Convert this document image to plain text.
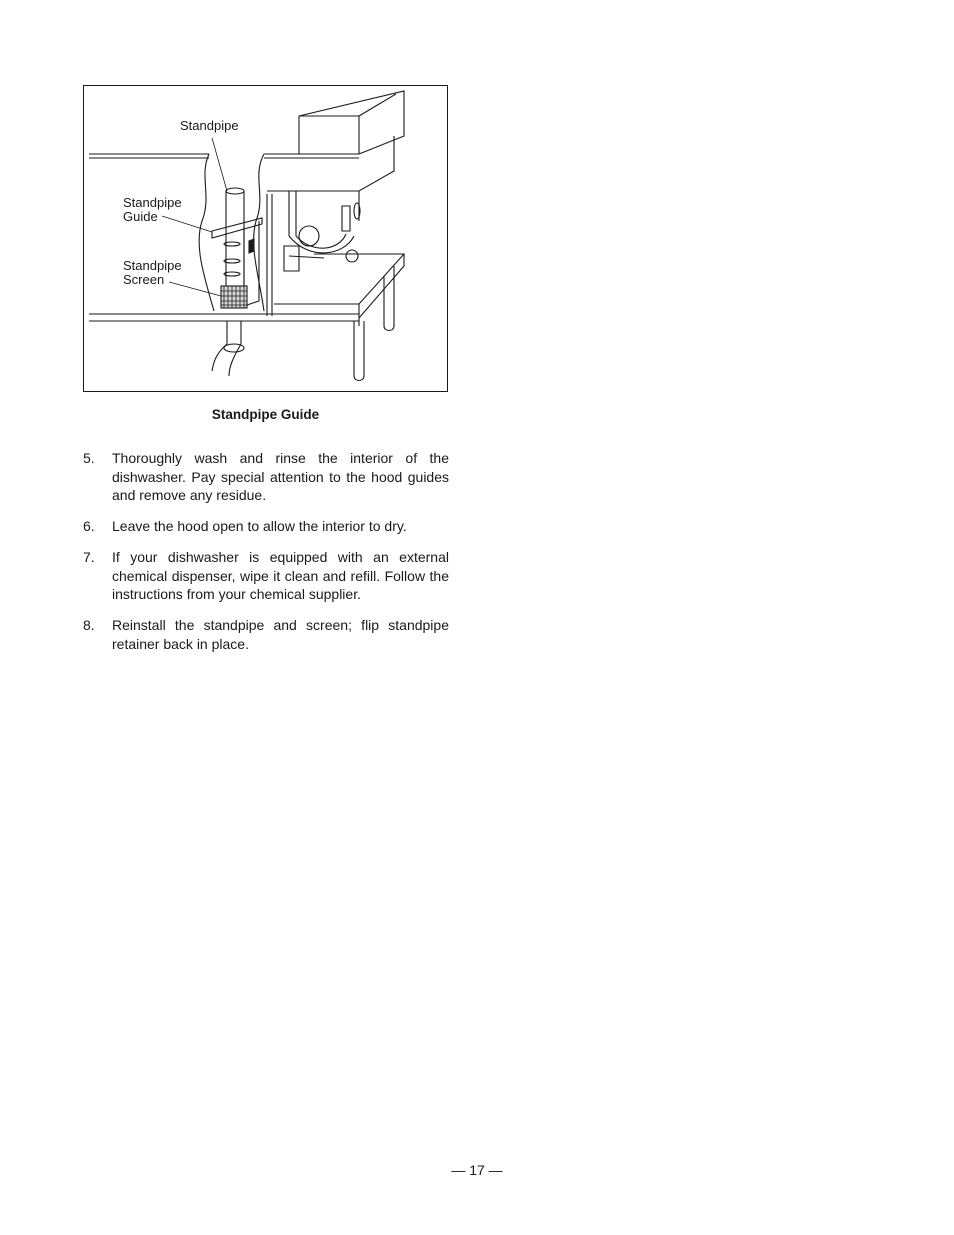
Standpipe
Standpipe
Guide
Standpipe
Screen
Standpipe Guide
5.	Thoroughly wash and rinse the interior of the dishwasher. Pay special attention to the hood guides and remove any residue.
6.	Leave the hood open to allow the interior to dry.
7.	If your dishwasher is equipped with an external chemical dispenser, wipe it clean and refill. Follow the instructions from your chemical supplier.
8.	Reinstall the standpipe and screen; flip standpipe retainer back in place.
— 17 —
